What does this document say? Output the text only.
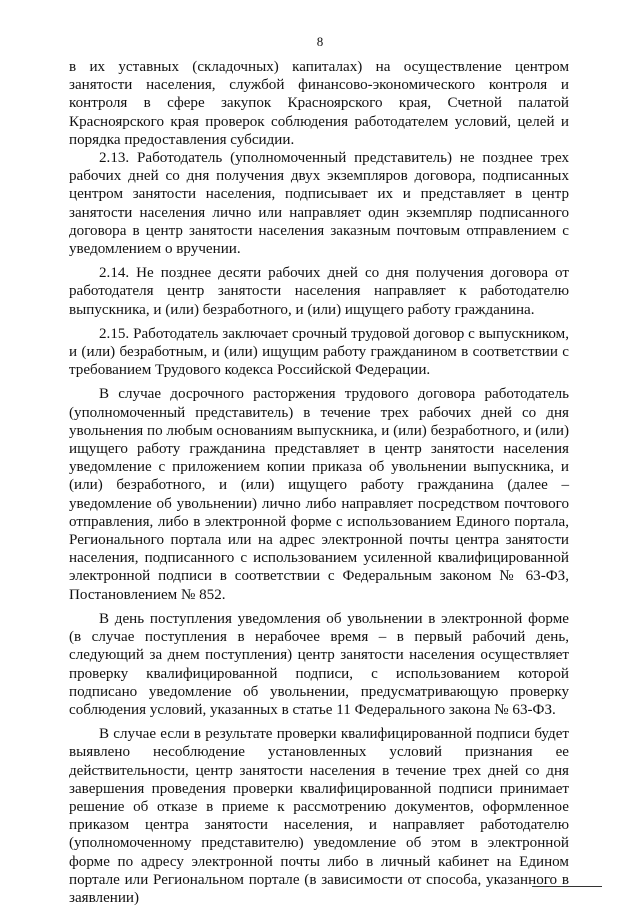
8

в их уставных (складочных) капиталах) на осуществление центром занятости населения, службой финансово-экономического контроля и контроля в сфере закупок Красноярского края, Счетной палатой Красноярского края проверок соблюдения работодателем условий, целей и порядка предоставления субсидии.

2.13. Работодатель (уполномоченный представитель) не позднее трех рабочих дней со дня получения двух экземпляров договора, подписанных центром занятости населения, подписывает их и представляет в центр занятости населения лично или направляет один экземпляр подписанного договора в центр занятости населения заказным почтовым отправлением с уведомлением о вручении.

2.14. Не позднее десяти рабочих дней со дня получения договора от работодателя центр занятости населения направляет к работодателю выпускника, и (или) безработного, и (или) ищущего работу гражданина.

2.15. Работодатель заключает срочный трудовой договор с выпускником, и (или) безработным, и (или) ищущим работу гражданином в соответствии с требованием Трудового кодекса Российской Федерации.

В случае досрочного расторжения трудового договора работодатель (уполномоченный представитель) в течение трех рабочих дней со дня увольнения по любым основаниям выпускника, и (или) безработного, и (или) ищущего работу гражданина представляет в центр занятости населения уведомление с приложением копии приказа об увольнении выпускника, и (или) безработного, и (или) ищущего работу гражданина (далее – уведомление об увольнении) лично либо направляет посредством почтового отправления, либо в электронной форме с использованием Единого портала, Регионального портала или на адрес электронной почты центра занятости населения, подписанного с использованием усиленной квалифицированной электронной подписи в соответствии с Федеральным законом № 63-ФЗ, Постановлением № 852.

В день поступления уведомления об увольнении в электронной форме (в случае поступления в нерабочее время – в первый рабочий день, следующий за днем поступления) центр занятости населения осуществляет проверку квалифицированной подписи, с использованием которой подписано уведомление об увольнении, предусматривающую проверку соблюдения условий, указанных в статье 11 Федерального закона № 63-ФЗ.

В случае если в результате проверки квалифицированной подписи будет выявлено несоблюдение установленных условий признания ее действительности, центр занятости населения в течение трех дней со дня завершения проведения проверки квалифицированной подписи принимает решение об отказе в приеме к рассмотрению документов, оформленное приказом центра занятости населения, и направляет работодателю (уполномоченному представителю) уведомление об этом в электронной форме по адресу электронной почты либо в личный кабинет на Едином портале или Региональном портале (в зависимости от способа, указанного в заявлении)
